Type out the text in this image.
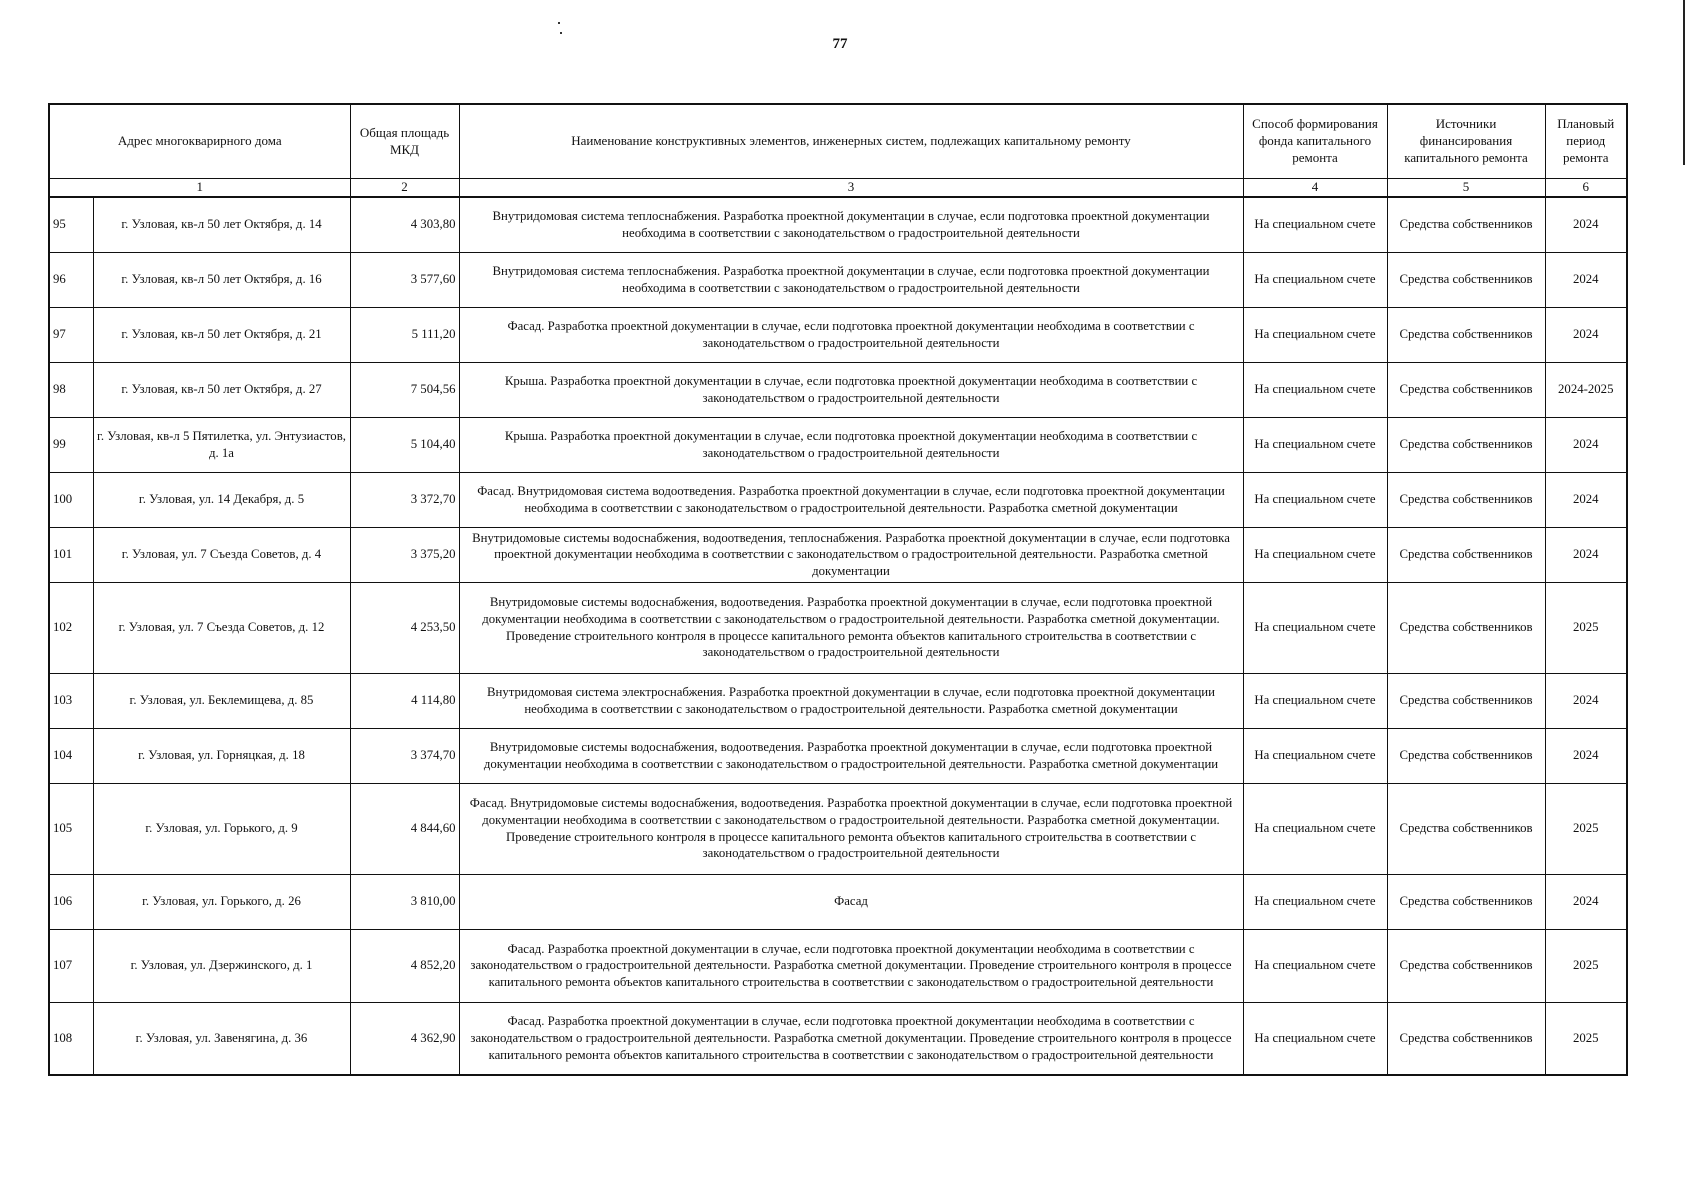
77
Адрес многокварирного дома		Общая площадь МКД	Наименование конструктивных элементов, инженерных систем, подлежащих капитальному ремонту	Способ формирования фонда капитального ремонта	Источники финансирования капитального ремонта	Плановый период ремонта
1		2	3	4	5	6
95	г. Узловая, кв-л 50 лет Октября, д. 14	4 303,80	Внутридомовая система теплоснабжения. Разработка проектной документации в случае, если подготовка проектной документации необходима в соответствии с законодательством о градостроительной деятельности	На специальном счете	Средства собственников	2024
96	г. Узловая, кв-л 50 лет Октября, д. 16	3 577,60	Внутридомовая система теплоснабжения. Разработка проектной документации в случае, если подготовка проектной документации необходима в соответствии с законодательством о градостроительной деятельности	На специальном счете	Средства собственников	2024
97	г. Узловая, кв-л 50 лет Октября, д. 21	5 111,20	Фасад. Разработка проектной документации в случае, если подготовка проектной документации необходима в соответствии с законодательством о градостроительной деятельности	На специальном счете	Средства собственников	2024
98	г. Узловая, кв-л 50 лет Октября, д. 27	7 504,56	Крыша. Разработка проектной документации в случае, если подготовка проектной документации необходима в соответствии с законодательством о градостроительной деятельности	На специальном счете	Средства собственников	2024-2025
99	г. Узловая, кв-л 5 Пятилетка, ул. Энтузиастов, д. 1а	5 104,40	Крыша. Разработка проектной документации в случае, если подготовка проектной документации необходима в соответствии с законодательством о градостроительной деятельности	На специальном счете	Средства собственников	2024
100	г. Узловая, ул. 14 Декабря, д. 5	3 372,70	Фасад. Внутридомовая система водоотведения. Разработка проектной документации в случае, если подготовка проектной документации необходима в соответствии с законодательством о градостроительной деятельности. Разработка сметной документации	На специальном счете	Средства собственников	2024
101	г. Узловая, ул. 7 Съезда Советов, д. 4	3 375,20	Внутридомовые системы водоснабжения, водоотведения, теплоснабжения. Разработка проектной документации в случае, если подготовка проектной документации необходима в соответствии с законодательством о градостроительной деятельности. Разработка сметной документации	На специальном счете	Средства собственников	2024
102	г. Узловая, ул. 7 Съезда Советов, д. 12	4 253,50	Внутридомовые системы водоснабжения, водоотведения. Разработка проектной документации в случае, если подготовка проектной документации необходима в соответствии с законодательством о градостроительной деятельности. Разработка сметной документации. Проведение строительного контроля в процессе капитального ремонта объектов капитального строительства в соответствии с законодательством о градостроительной деятельности	На специальном счете	Средства собственников	2025
103	г. Узловая, ул. Беклемищева, д. 85	4 114,80	Внутридомовая система электроснабжения. Разработка проектной документации в случае, если подготовка проектной документации необходима в соответствии с законодательством о градостроительной деятельности. Разработка сметной документации	На специальном счете	Средства собственников	2024
104	г. Узловая, ул. Горняцкая, д. 18	3 374,70	Внутридомовые системы водоснабжения, водоотведения. Разработка проектной документации в случае, если подготовка проектной документации необходима в соответствии с законодательством о градостроительной деятельности. Разработка сметной документации	На специальном счете	Средства собственников	2024
105	г. Узловая, ул. Горького, д. 9	4 844,60	Фасад. Внутридомовые системы водоснабжения, водоотведения. Разработка проектной документации в случае, если подготовка проектной документации необходима в соответствии с законодательством о градостроительной деятельности. Разработка сметной документации. Проведение строительного контроля в процессе капитального ремонта объектов капитального строительства в соответствии с законодательством о градостроительной деятельности	На специальном счете	Средства собственников	2025
106	г. Узловая, ул. Горького, д. 26	3 810,00	Фасад	На специальном счете	Средства собственников	2024
107	г. Узловая, ул. Дзержинского, д. 1	4 852,20	Фасад. Разработка проектной документации в случае, если подготовка проектной документации необходима в соответствии с законодательством о градостроительной деятельности. Разработка сметной документации. Проведение строительного контроля в процессе капитального ремонта объектов капитального строительства в соответствии с законодательством о градостроительной деятельности	На специальном счете	Средства собственников	2025
108	г. Узловая, ул. Завенягина, д. 36	4 362,90	Фасад. Разработка проектной документации в случае, если подготовка проектной документации необходима в соответствии с законодательством о градостроительной деятельности. Разработка сметной документации. Проведение строительного контроля в процессе капитального ремонта объектов капитального строительства в соответствии с законодательством о градостроительной деятельности	На специальном счете	Средства собственников	2025
